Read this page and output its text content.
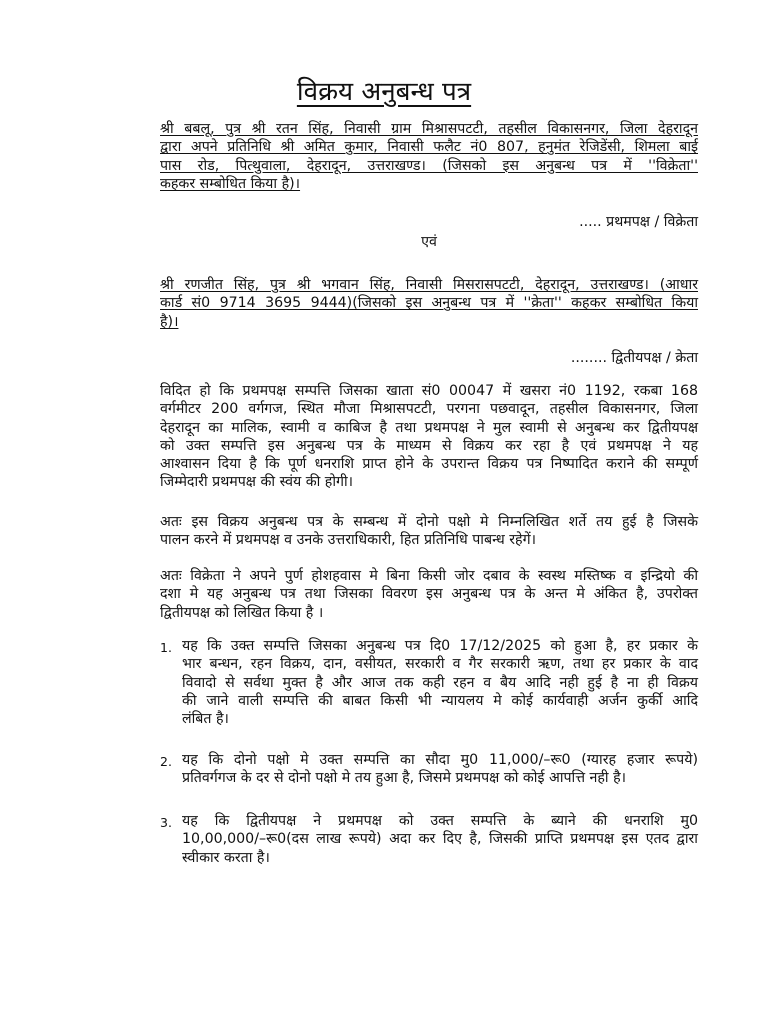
विक्रय अनुबन्ध पत्र
श्री बबलू, पुत्र श्री रतन सिंह, निवासी ग्राम मिश्रासपटटी, तहसील विकासनगर, जिला देहरादून
द्वारा अपने प्रतिनिधि श्री अमित कुमार, निवासी फलैट नं0 807, हनुमंत रेजिडेंसी, शिमला बाई
पास रोड, पित्थुवाला, देहरादून, उत्तराखण्ड। (जिसको इस अनुबन्ध पत्र में ''विक्रेता''
कहकर सम्बोधित किया है)।
..... प्रथमपक्ष / विक्रेता
एवं
श्री रणजीत सिंह, पुत्र श्री भगवान सिंह, निवासी मिसरासपटटी, देहरादून, उत्तराखण्ड। (आधार
कार्ड सं0 9714 3695 9444)(जिसको इस अनुबन्ध पत्र में ''क्रेता'' कहकर सम्बोधित किया
है)।
........ द्वितीयपक्ष / क्रेता
विदित हो कि प्रथमपक्ष सम्पत्ति जिसका खाता सं0 00047 में खसरा नं0 1192, रकबा 168
वर्गमीटर 200 वर्गगज, स्थित मौजा मिश्रासपटटी, परगना पछवादून, तहसील विकासनगर, जिला
देहरादून का मालिक, स्वामी व काबिज है तथा प्रथमपक्ष ने मुल स्वामी से अनुबन्ध कर द्वितीयपक्ष
को उक्त सम्पत्ति इस अनुबन्ध पत्र के माध्यम से विक्रय कर रहा है एवं प्रथमपक्ष ने यह
आश्वासन दिया है कि पूर्ण धनराशि प्राप्त होने के उपरान्त विक्रय पत्र निष्पादित कराने की सम्पूर्ण
जिम्मेदारी प्रथमपक्ष की स्वंय की होगी।
अतः इस विक्रय अनुबन्ध पत्र के सम्बन्ध में दोनो पक्षो मे निम्नलिखित शर्ते तय हुई है जिसके
पालन करने में प्रथमपक्ष व उनके उत्तराधिकारी, हित प्रतिनिधि पाबन्ध रहेगें।
अतः विक्रेता ने अपने पुर्ण होशहवास मे बिना किसी जोर दबाव के स्वस्थ मस्तिष्क व इन्द्रियो की
दशा मे यह अनुबन्ध पत्र तथा जिसका विवरण इस अनुबन्ध पत्र के अन्त मे अंकित है, उपरोक्त
द्वितीयपक्ष को लिखित किया है ।
1. यह कि उक्त सम्पत्ति जिसका अनुबन्ध पत्र दि0 17/12/2025 को हुआ है, हर प्रकार के
भार बन्धन, रहन विक्रय, दान, वसीयत, सरकारी व गैर सरकारी ऋण, तथा हर प्रकार के वाद
विवादो से सर्वथा मुक्त है और आज तक कही रहन व बैय आदि नही हुई है ना ही विक्रय
की जाने वाली सम्पत्ति की बाबत किसी भी न्यायलय मे कोई कार्यवाही अर्जन कुर्की आदि
लंबित है।
2. यह कि दोनो पक्षो मे उक्त सम्पत्ति का सौदा मु0 11,000/–रू0 (ग्यारह हजार रूपये)
प्रतिवर्गगज के दर से दोनो पक्षो मे तय हुआ है, जिसमे प्रथमपक्ष को कोई आपत्ति नही है।
3. यह कि द्वितीयपक्ष ने प्रथमपक्ष को उक्त सम्पत्ति के ब्याने की धनराशि मु0
10,00,000/–रू0(दस लाख रूपये) अदा कर दिए है, जिसकी प्राप्ति प्रथमपक्ष इस एतद द्वारा
स्वीकार करता है।
